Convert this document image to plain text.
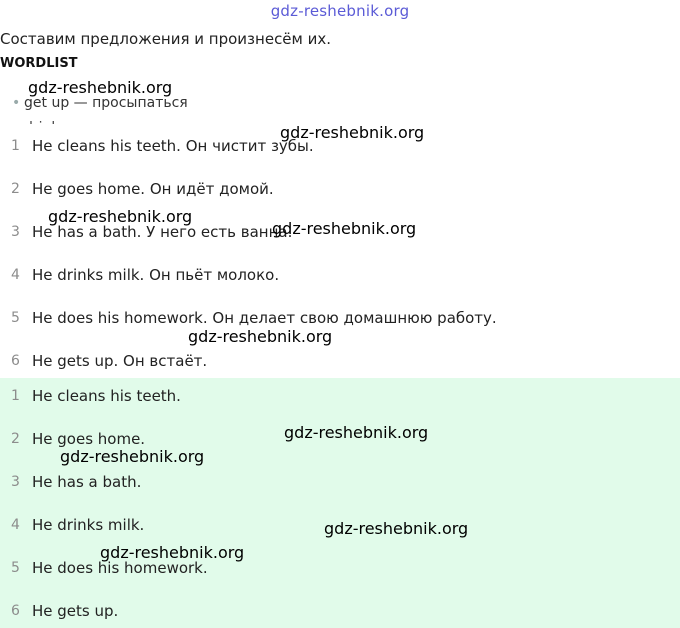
gdz-reshebnik.org
Составим предложения и произнесём их.
WORDLIST
• get up — просыпаться
1 He cleans his teeth. Он чистит зубы.
2 He goes home. Он идёт домой.
3 He has a bath. У него есть ванна.
4 He drinks milk. Он пьёт молоко.
5 He does his homework. Он делает свою домашнюю работу.
6 He gets up. Он встаёт.
1 He cleans his teeth.
2 He goes home.
3 He has a bath.
4 He drinks milk.
5 He does his homework.
6 He gets up.
gdz-reshebnik.org
gdz-reshebnik.org
gdz-reshebnik.org
gdz-reshebnik.org
gdz-reshebnik.org
gdz-reshebnik.org
gdz-reshebnik.org
gdz-reshebnik.org
gdz-reshebnik.org
